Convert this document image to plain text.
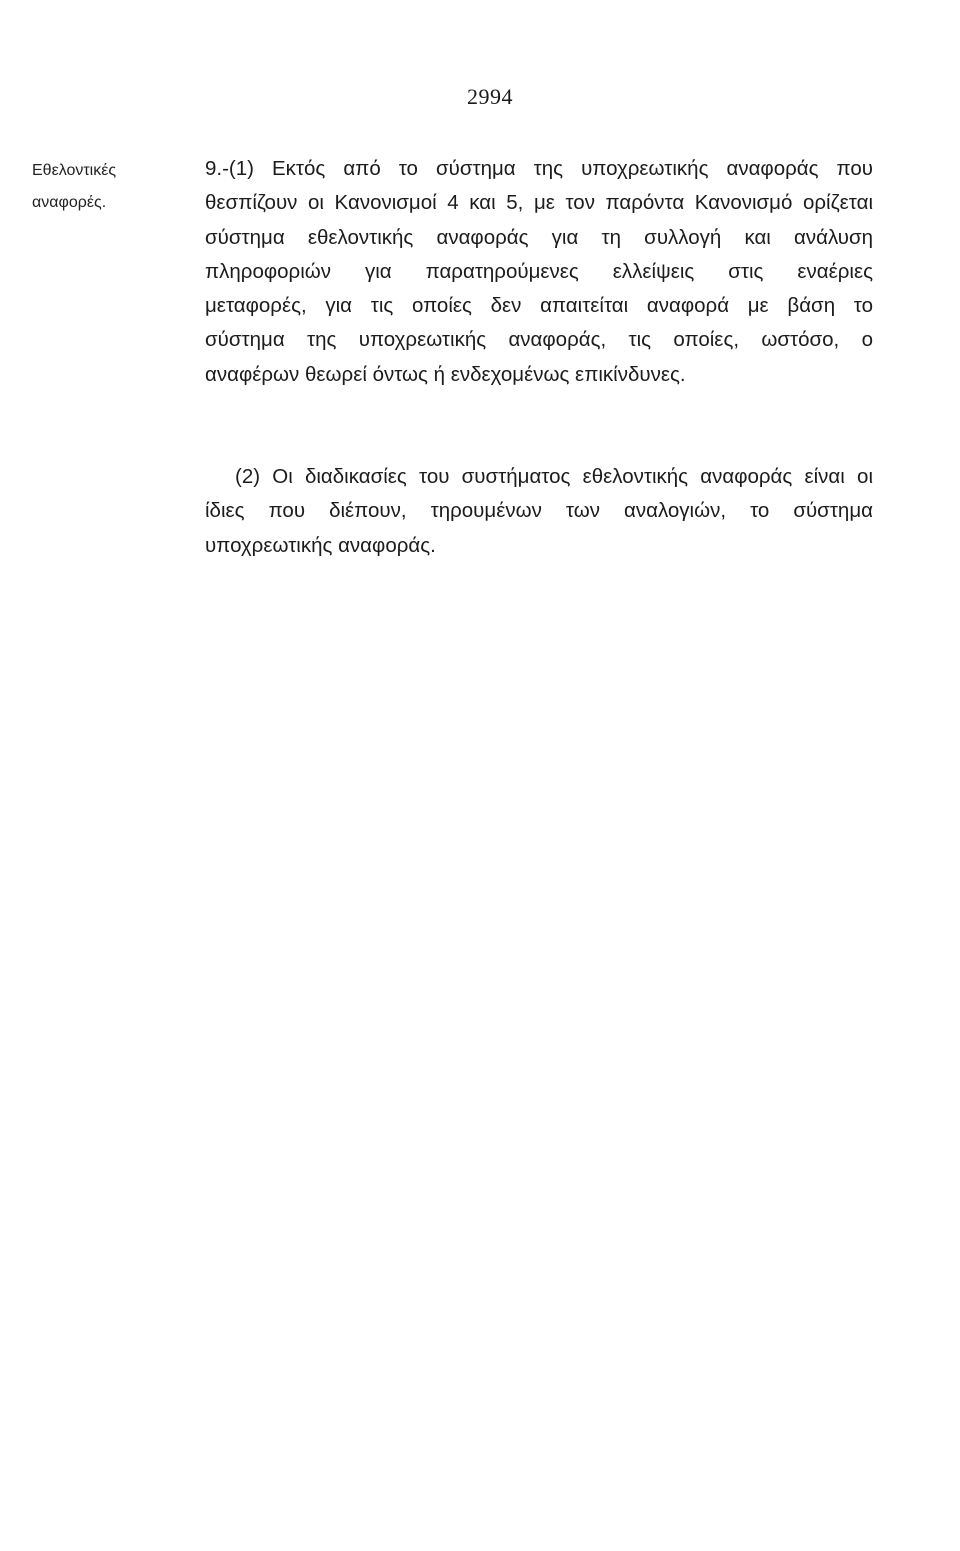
2994
Εθελοντικές
αναφορές.
9.-(1) Εκτός από το σύστημα της υποχρεωτικής αναφοράς που
θεσπίζουν οι Κανονισμοί 4 και 5, με τον παρόντα Κανονισμό ορίζεται
σύστημα εθελοντικής αναφοράς για τη συλλογή και ανάλυση
πληροφοριών για παρατηρούμενες ελλείψεις στις εναέριες
μεταφορές, για τις οποίες δεν απαιτείται αναφορά με βάση το
σύστημα της υποχρεωτικής αναφοράς, τις οποίες, ωστόσο, ο
αναφέρων θεωρεί όντως ή ενδεχομένως επικίνδυνες.
(2) Οι διαδικασίες του συστήματος εθελοντικής αναφοράς είναι οι
ίδιες που διέπουν, τηρουμένων των αναλογιών, το σύστημα
υποχρεωτικής αναφοράς.
